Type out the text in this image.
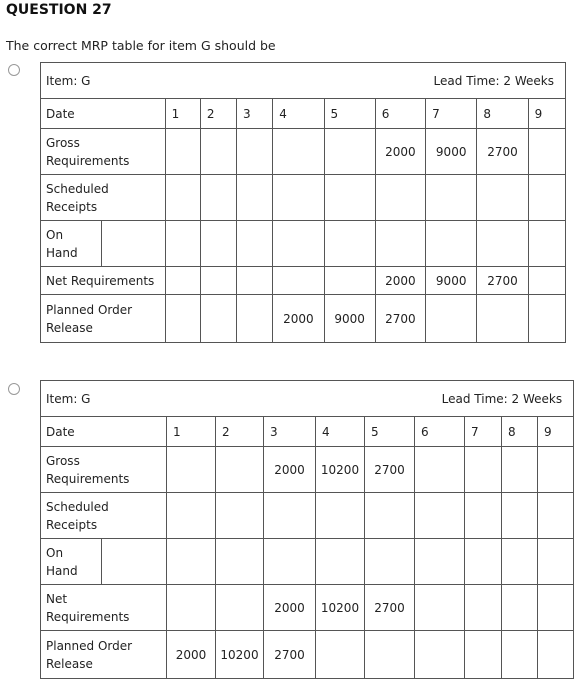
QUESTION 27
The correct MRP table for item G should be
Item: G Lead Time: 2 Weeks										

Date		1	2	3	4	5	6	7	8	9

Gross
Requirements							2000	9000	2700	

Scheduled
Receipts										

On
Hand										

Net Requirements							2000	9000	2700	

Planned Order
Release					2000	9000	2700			
Item: G Lead Time: 2 Weeks										

Date		1	2	3	4	5	6	7	8	9

Gross
Requirements				2000	10200	2700				

Scheduled
Receipts										

On
Hand										

Net
Requirements				2000	10200	2700				

Planned Order
Release		2000	10200	2700						
